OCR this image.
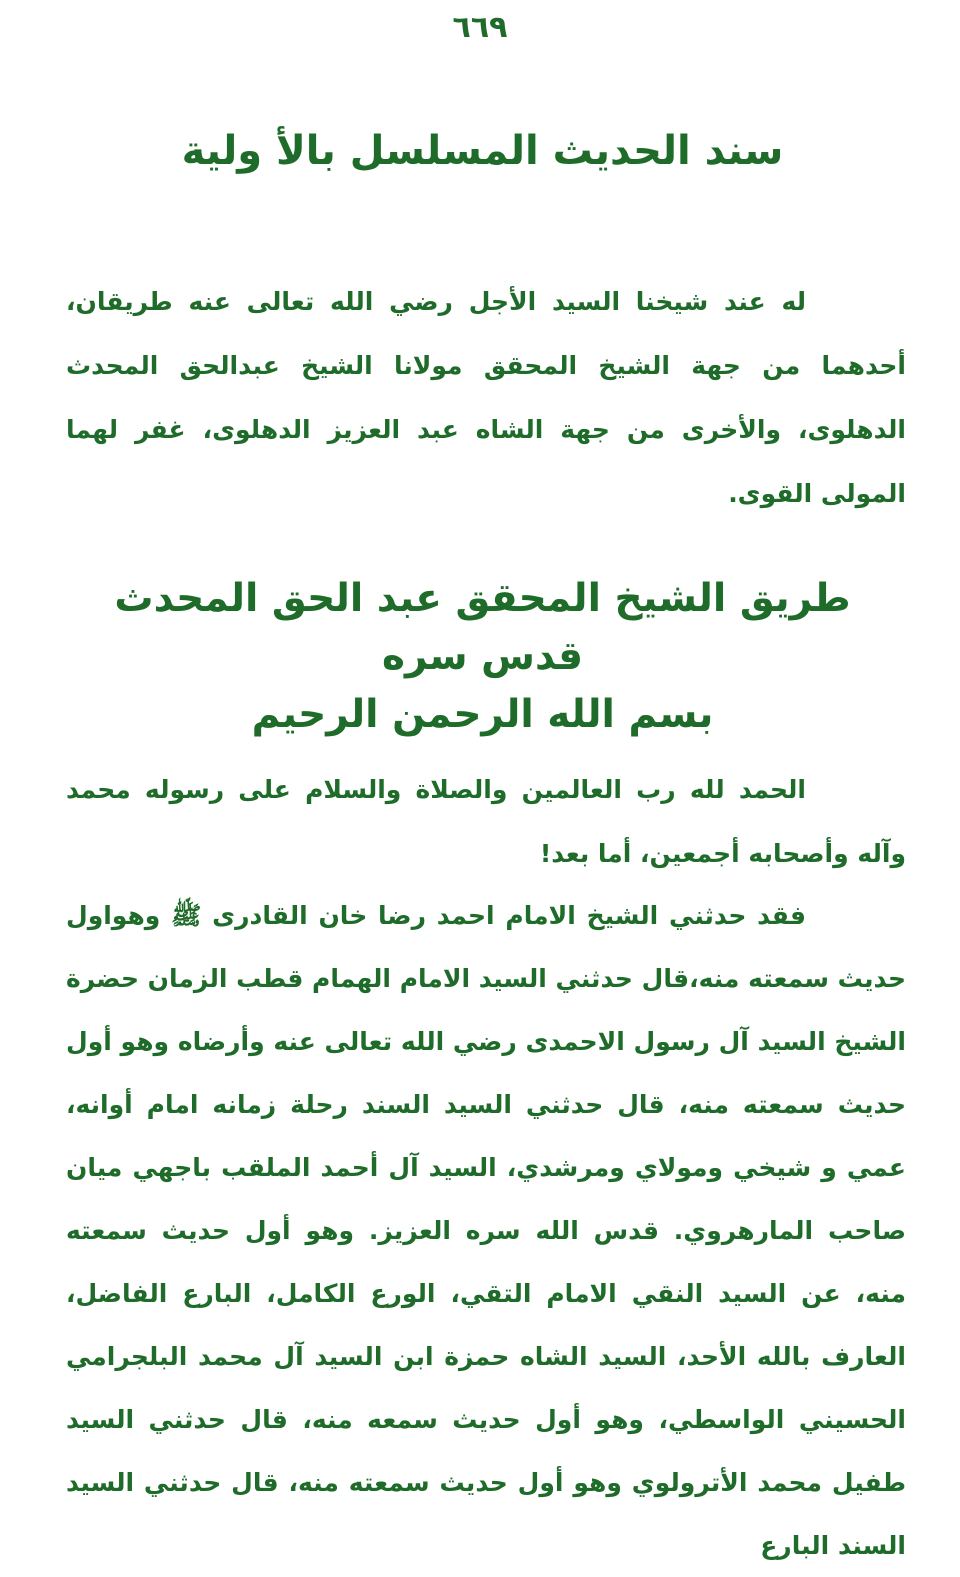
٦٦٩
سند الحديث المسلسل بالأ ولية

له عند شيخنا السيد الأجل رضي الله تعالى عنه طريقان، أحدهما من جهة الشيخ المحقق مولانا الشيخ عبدالحق المحدث الدهلوى، والأخرى من جهة الشاه عبد العزيز الدهلوى، غفر لهما المولى القوى.

طريق الشيخ المحقق عبد الحق المحدث قدس سره
بسم الله الرحمن الرحيم

الحمد لله رب العالمين والصلاة والسلام على رسوله محمد وآله وأصحابه أجمعين، أما بعد!

فقد حدثني الشيخ الامام احمد رضا خان القادرى ﷺ وهواول حديث سمعته منه،قال حدثني السيد الامام الهمام قطب الزمان حضرة الشيخ السيد آل رسول الاحمدى رضي الله تعالى عنه وأرضاه وهو أول حديث سمعته منه، قال حدثني السيد السند رحلة زمانه امام أوانه، عمي و شيخي ومولاي ومرشدي، السيد آل أحمد الملقب باجهي ميان صاحب المارهروي. قدس الله سره العزيز. وهو أول حديث سمعته منه، عن السيد النقي الامام التقي، الورع الكامل، البارع الفاضل، العارف بالله الأحد، السيد الشاه حمزة ابن السيد آل محمد البلجرامي الحسيني الواسطي، وهو أول حديث سمعه منه، قال حدثني السيد طفيل محمد الأترولوي وهو أول حديث سمعته منه، قال حدثني السيد السند البارع
